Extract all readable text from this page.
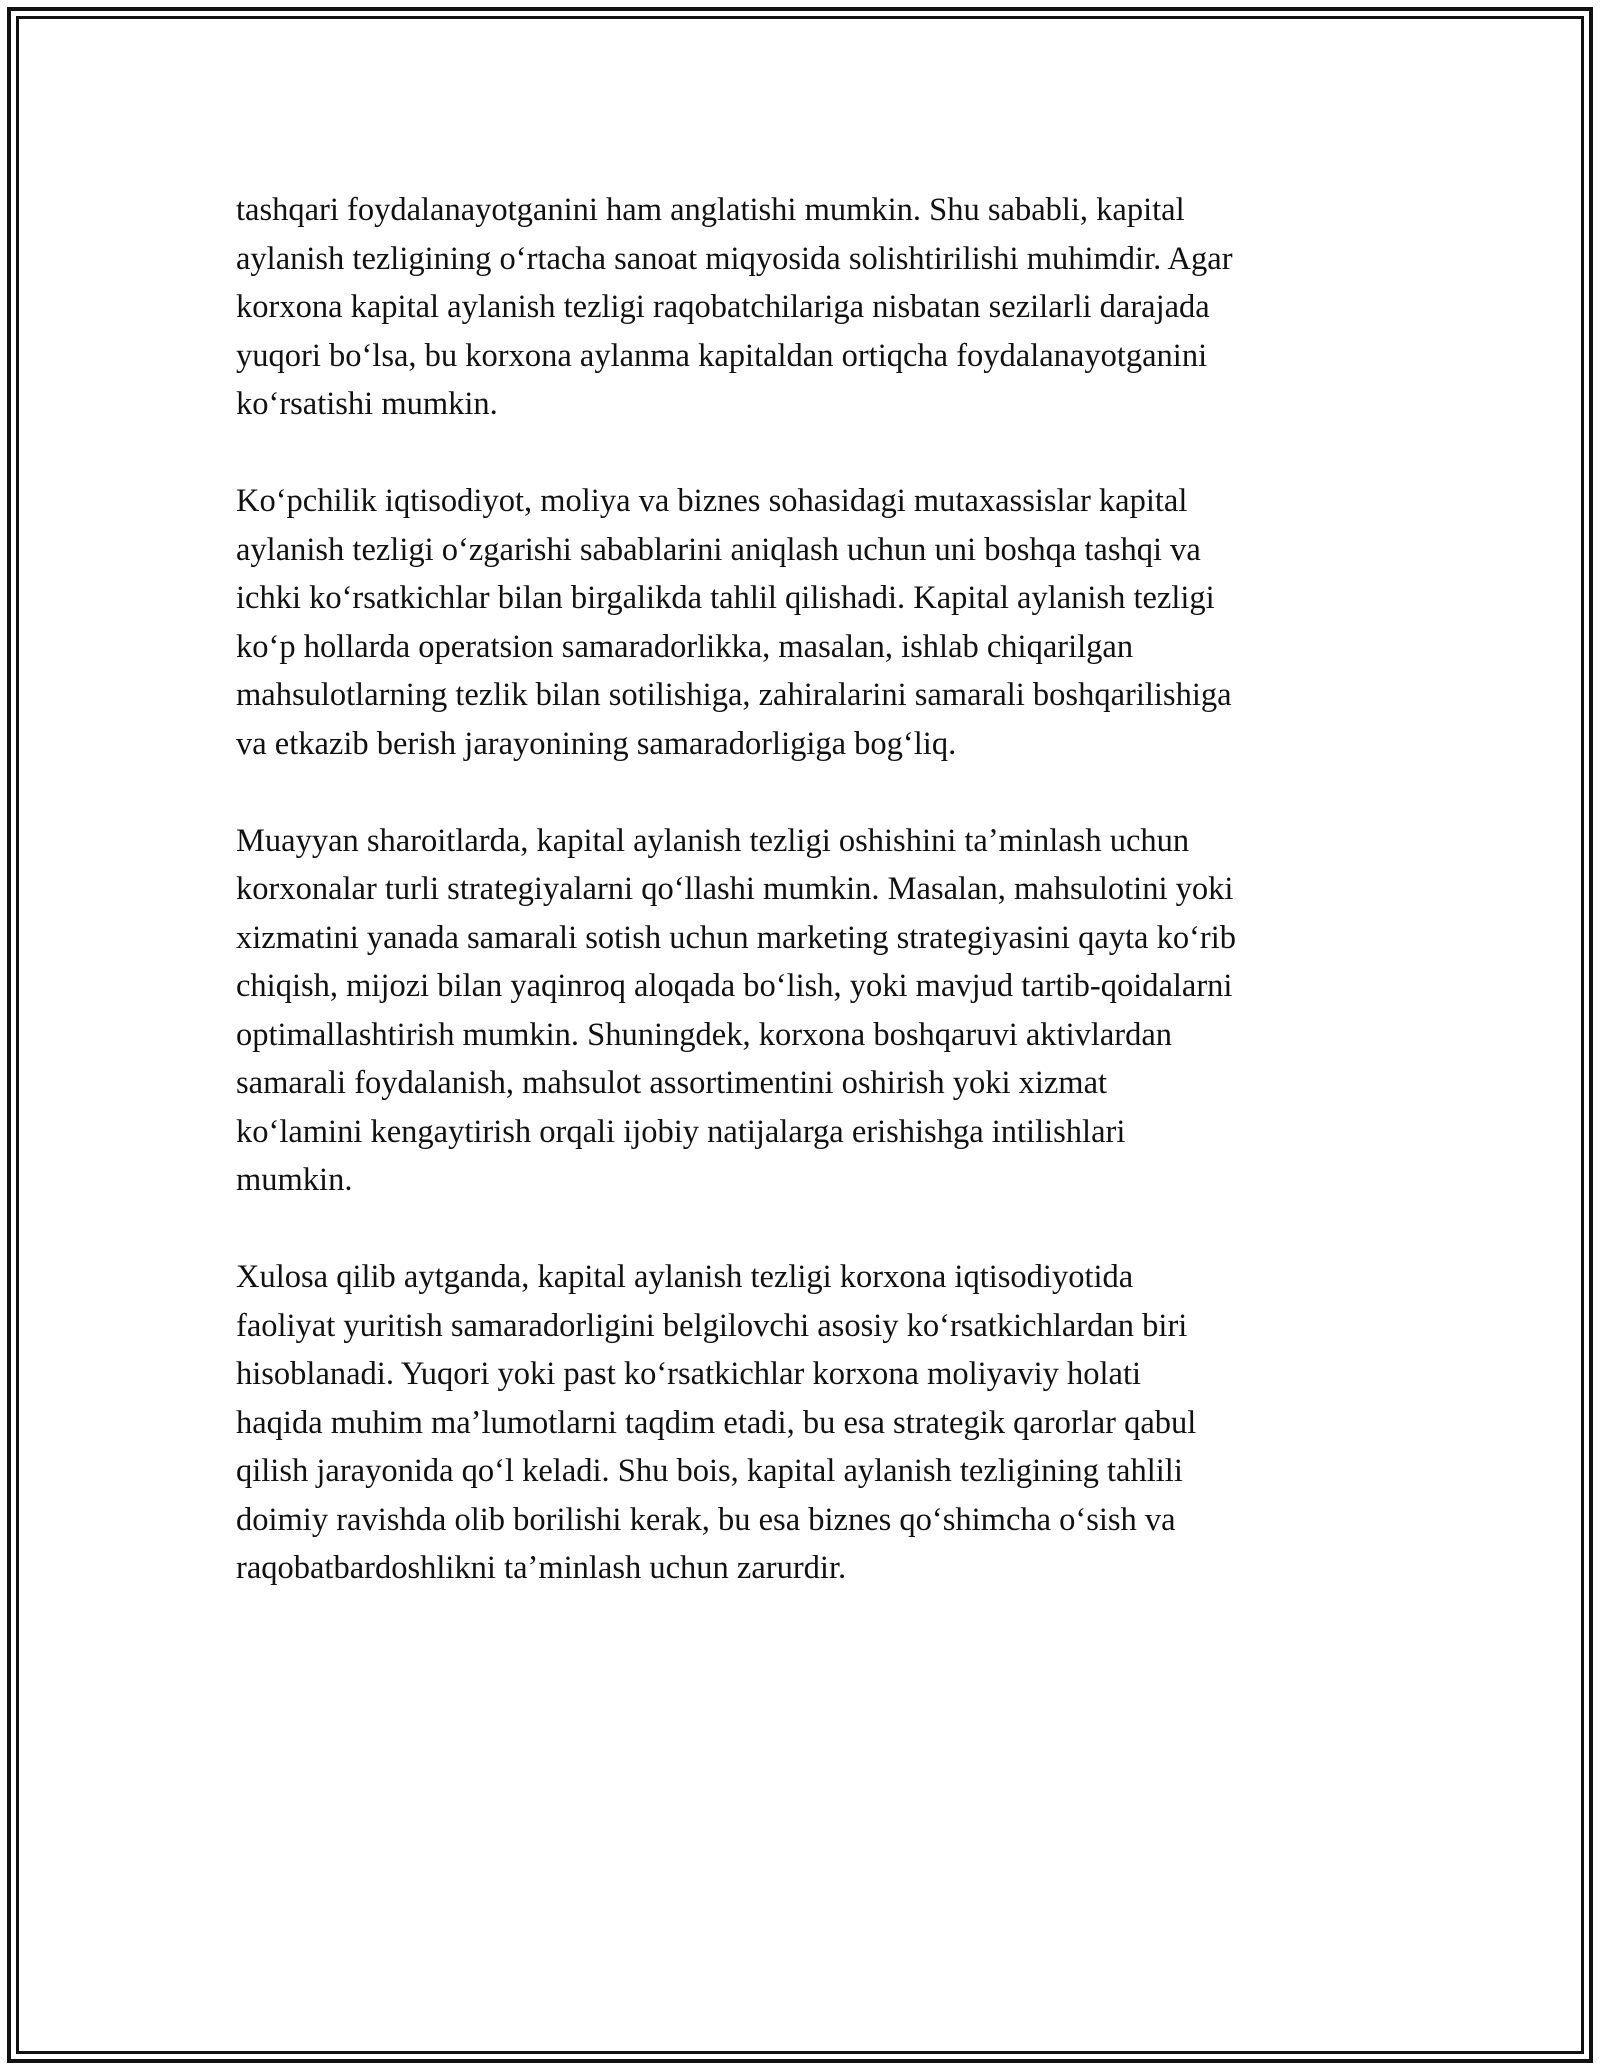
tashqari foydalanayotganini ham anglatishi mumkin. Shu sababli, kapital
aylanish tezligining oʻrtacha sanoat miqyosida solishtirilishi muhimdir. Agar
korxona kapital aylanish tezligi raqobatchilariga nisbatan sezilarli darajada
yuqori boʻlsa, bu korxona aylanma kapitaldan ortiqcha foydalanayotganini
koʻrsatishi mumkin.

Koʻpchilik iqtisodiyot, moliya va biznes sohasidagi mutaxassislar kapital
aylanish tezligi oʻzgarishi sabablarini aniqlash uchun uni boshqa tashqi va
ichki koʻrsatkichlar bilan birgalikda tahlil qilishadi. Kapital aylanish tezligi
koʻp hollarda operatsion samaradorlikka, masalan, ishlab chiqarilgan
mahsulotlarning tezlik bilan sotilishiga, zahiralarini samarali boshqarilishiga
va etkazib berish jarayonining samaradorligiga bogʻliq.

Muayyan sharoitlarda, kapital aylanish tezligi oshishini taʼminlash uchun
korxonalar turli strategiyalarni qoʻllashi mumkin. Masalan, mahsulotini yoki
xizmatini yanada samarali sotish uchun marketing strategiyasini qayta koʻrib
chiqish, mijozi bilan yaqinroq aloqada boʻlish, yoki mavjud tartib-qoidalarni
optimallashtirish mumkin. Shuningdek, korxona boshqaruvi aktivlardan
samarali foydalanish, mahsulot assortimentini oshirish yoki xizmat
koʻlamini kengaytirish orqali ijobiy natijalarga erishishga intilishlari
mumkin.

Xulosa qilib aytganda, kapital aylanish tezligi korxona iqtisodiyotida
faoliyat yuritish samaradorligini belgilovchi asosiy koʻrsatkichlardan biri
hisoblanadi. Yuqori yoki past koʻrsatkichlar korxona moliyaviy holati
haqida muhim maʼlumotlarni taqdim etadi, bu esa strategik qarorlar qabul
qilish jarayonida qoʻl keladi. Shu bois, kapital aylanish tezligining tahlili
doimiy ravishda olib borilishi kerak, bu esa biznes qoʻshimcha oʻsish va
raqobatbardoshlikni taʼminlash uchun zarurdir.
